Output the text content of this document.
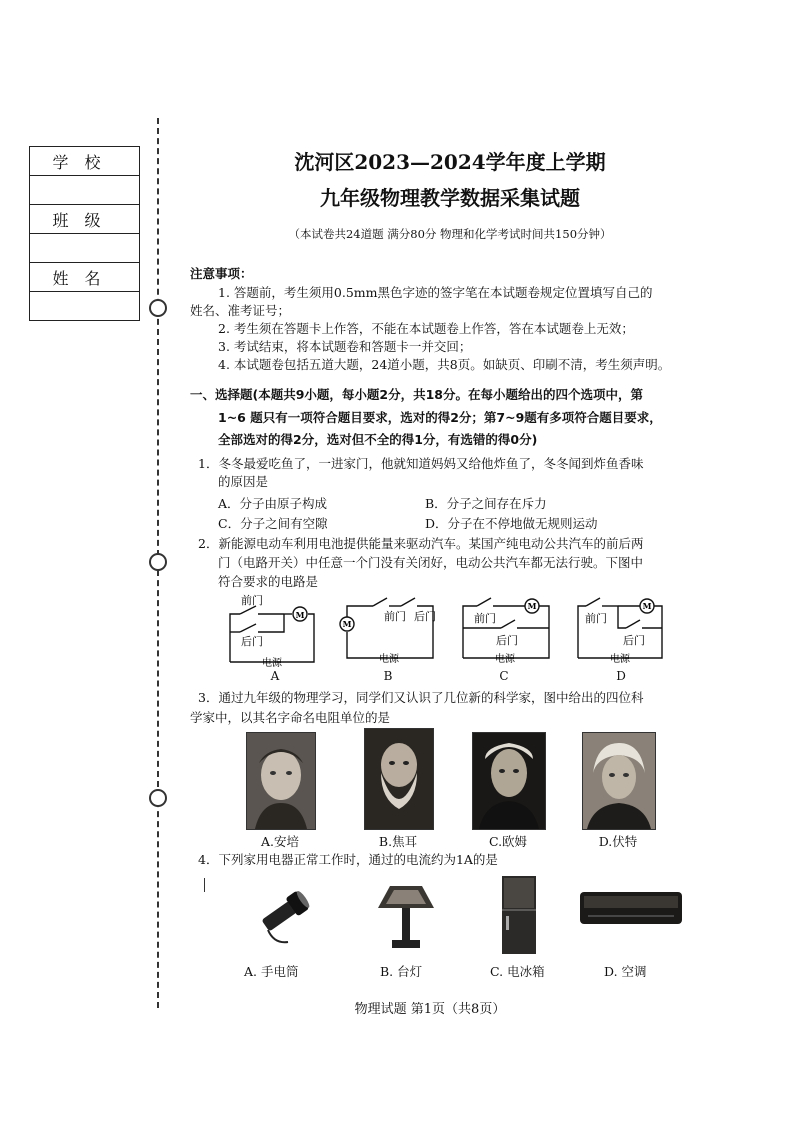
学校

班级

姓名

沈河区2023—2024学年度上学期
九年级物理教学数据采集试题
（本试卷共24道题 满分80分 物理和化学考试时间共150分钟）
注意事项：
1. 答题前，考生须用0.5mm黑色字迹的签字笔在本试题卷规定位置填写自己的
姓名、准考证号；
2. 考生须在答题卡上作答，不能在本试题卷上作答，答在本试题卷上无效；
3. 考试结束，将本试题卷和答题卡一并交回；
4. 本试题卷包括五道大题，24道小题，共8页。如缺页、印刷不清，考生须声明。
一、选择题(本题共9小题，每小题2分，共18分。在每小题给出的四个选项中，第
1~6 题只有一项符合题目要求，选对的得2分；第7~9题有多项符合题目要求，
全部选对的得2分，选对但不全的得1分，有选错的得0分)
1．冬冬最爱吃鱼了，一进家门，他就知道妈妈又给他炸鱼了，冬冬闻到炸鱼香味
的原因是
A．分子由原子构成	B．分子之间存在斥力
C．分子之间有空隙	D．分子在不停地做无规则运动
2．新能源电动车利用电池提供能量来驱动汽车。某国产纯电动公共汽车的前后两
门（电路开关）中任意一个门没有关闭好，电动公共汽车都无法行驶。下图中
符合要求的电路是
前门
后门
M
电源
前门 后门
M
电源
前门
后门
M
电源
前门
后门
M
电源
A	B	C	D
3．通过九年级的物理学习，同学们又认识了几位新的科学家，图中给出的四位科
学家中，以其名字命名电阻单位的是
A.安培	B.焦耳	C.欧姆	D.伏特
4．下列家用电器正常工作时，通过的电流约为1A的是
A. 手电筒	B. 台灯	C. 电冰箱	D. 空调
物理试题 第1页（共8页）
